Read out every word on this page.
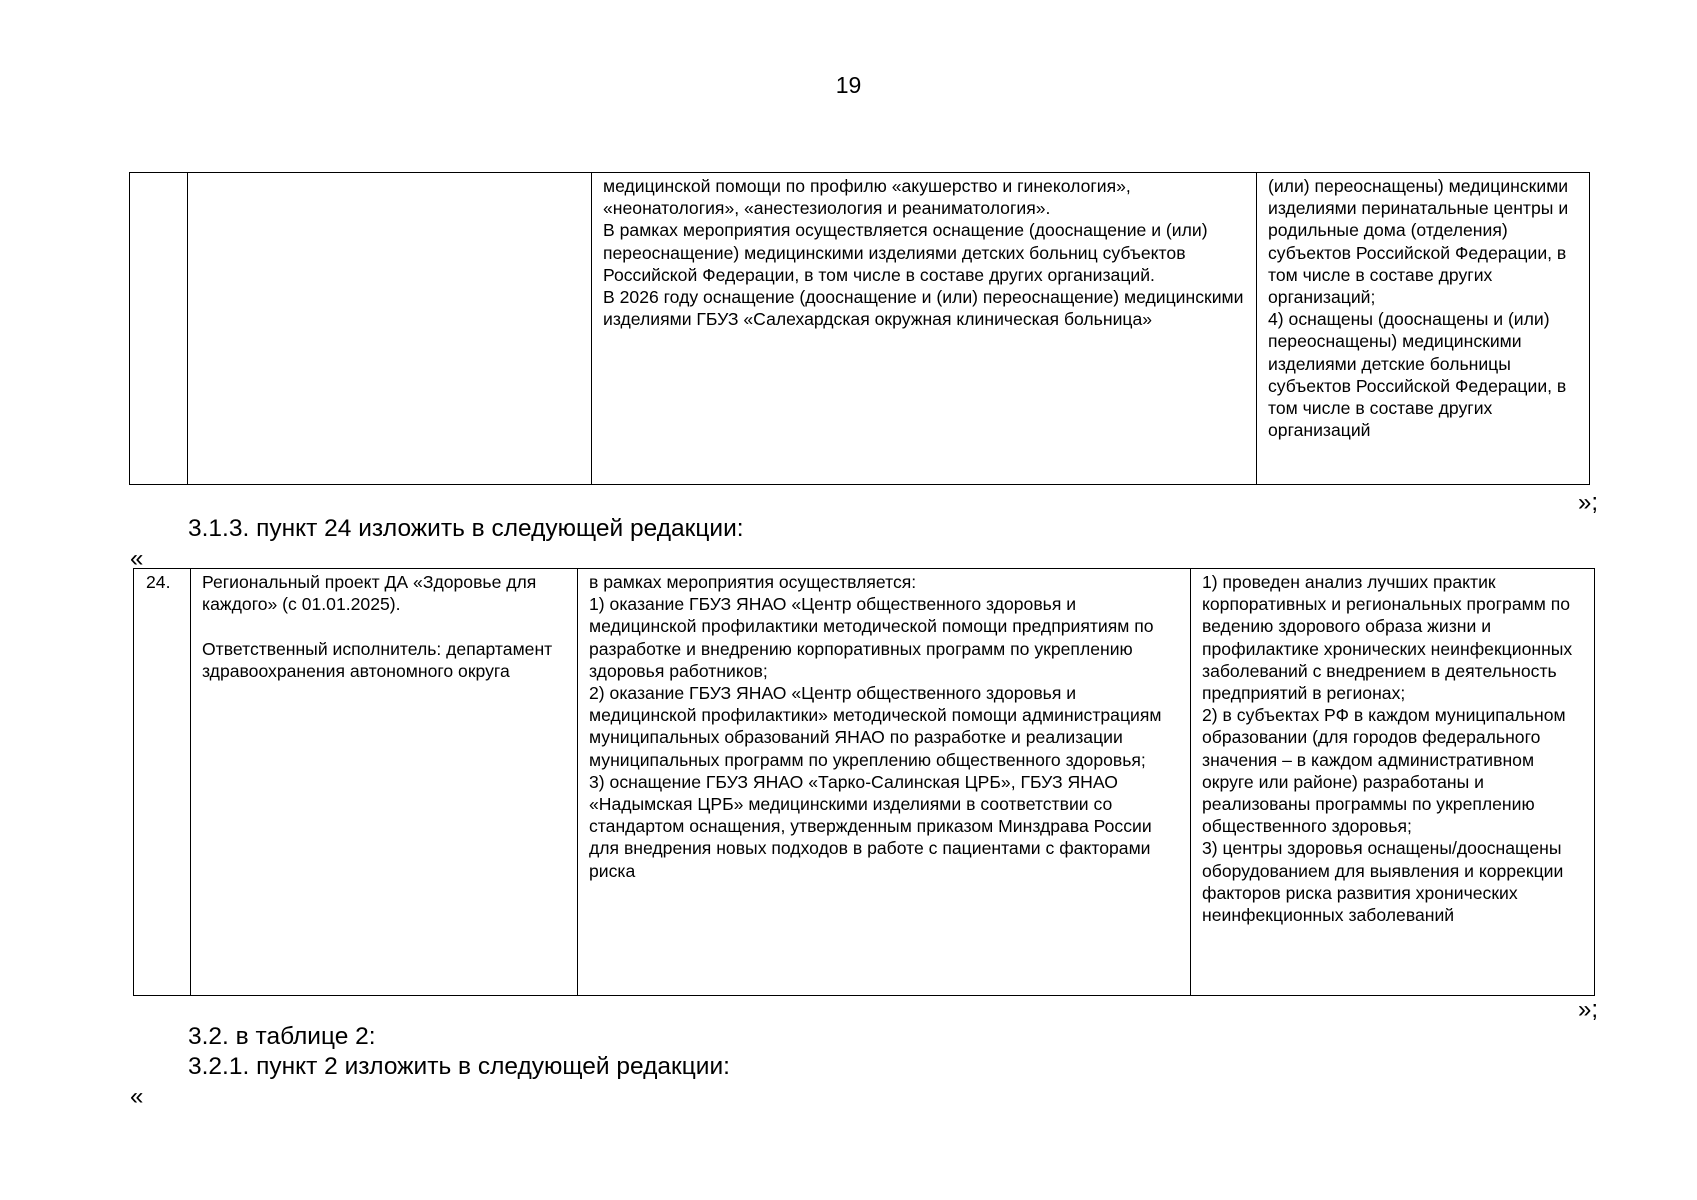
19
		медицинской помощи по профилю «акушерство и гинекология»,
«неонатология», «анестезиология и реаниматология».
В рамках мероприятия осуществляется оснащение (дооснащение и (или) переоснащение) медицинскими изделиями детских больниц субъектов Российской Федерации, в том числе в составе других организаций.
В 2026 году оснащение (дооснащение и (или) переоснащение) медицинскими изделиями ГБУЗ «Салехардская окружная клиническая больница»	(или) переоснащены) медицинскими изделиями перинатальные центры и родильные дома (отделения) субъектов Российской Федерации, в том числе в составе других организаций;
4) оснащены (дооснащены и (или) переоснащены) медицинскими изделиями детские больницы субъектов Российской Федерации, в том числе в составе других организаций
»;
3.1.3. пункт 24 изложить в следующей редакции:
«
24.	Региональный проект ДА «Здоровье для каждого» (с 01.01.2025).

Ответственный исполнитель: департамент здравоохранения автономного округа	в рамках мероприятия осуществляется:
1) оказание ГБУЗ ЯНАО «Центр общественного здоровья и медицинской профилактики методической помощи предприятиям по разработке и внедрению корпоративных программ по укреплению здоровья работников;
2) оказание ГБУЗ ЯНАО «Центр общественного здоровья и медицинской профилактики» методической помощи администрациям муниципальных образований ЯНАО по разработке и реализации муниципальных программ по укреплению общественного здоровья;
3) оснащение ГБУЗ ЯНАО «Тарко-Салинская ЦРБ», ГБУЗ ЯНАО «Надымская ЦРБ» медицинскими изделиями в соответствии со стандартом оснащения, утвержденным приказом Минздрава России для внедрения новых подходов в работе с пациентами с факторами риска	1) проведен анализ лучших практик корпоративных и региональных программ по ведению здорового образа жизни и профилактике хронических неинфекционных заболеваний с внедрением в деятельность предприятий в регионах;
2) в субъектах РФ в каждом муниципальном образовании (для городов федерального значения – в каждом административном округе или районе) разработаны и реализованы программы по укреплению общественного здоровья;
3) центры здоровья оснащены/дооснащены оборудованием для выявления и коррекции факторов риска развития хронических неинфекционных заболеваний
»;
3.2. в таблице 2:
3.2.1. пункт 2 изложить в следующей редакции:
«
